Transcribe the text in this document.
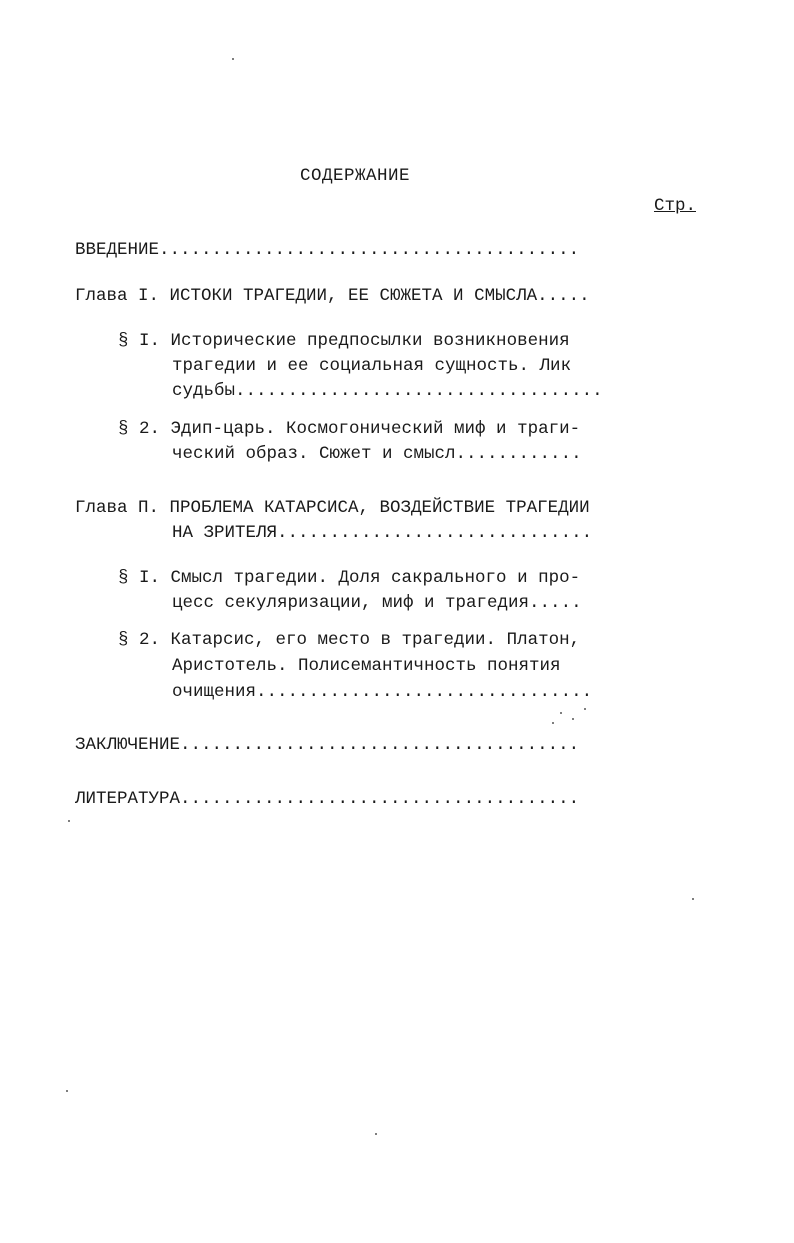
СОДЕРЖАНИЕ
Стр.
ВВЕДЕНИЕ........................................
Глава I. ИСТОКИ ТРАГЕДИИ, ЕЕ СЮЖЕТА И СМЫСЛА.....
§ I. Исторические предпосылки возникновения
трагедии и ее социальная сущность. Лик
судьбы...................................
§ 2. Эдип-царь. Космогонический миф и траги-
ческий образ. Сюжет и смысл............
Глава П. ПРОБЛЕМА КАТАРСИСА, ВОЗДЕЙСТВИЕ ТРАГЕДИИ
НА ЗРИТЕЛЯ..............................
§ I. Смысл трагедии. Доля сакрального и про-
цесс секуляризации, миф и трагедия.....
§ 2. Катарсис, его место в трагедии. Платон,
Аристотель. Полисемантичность понятия
очищения................................
ЗАКЛЮЧЕНИЕ......................................
ЛИТЕРАТУРА......................................
